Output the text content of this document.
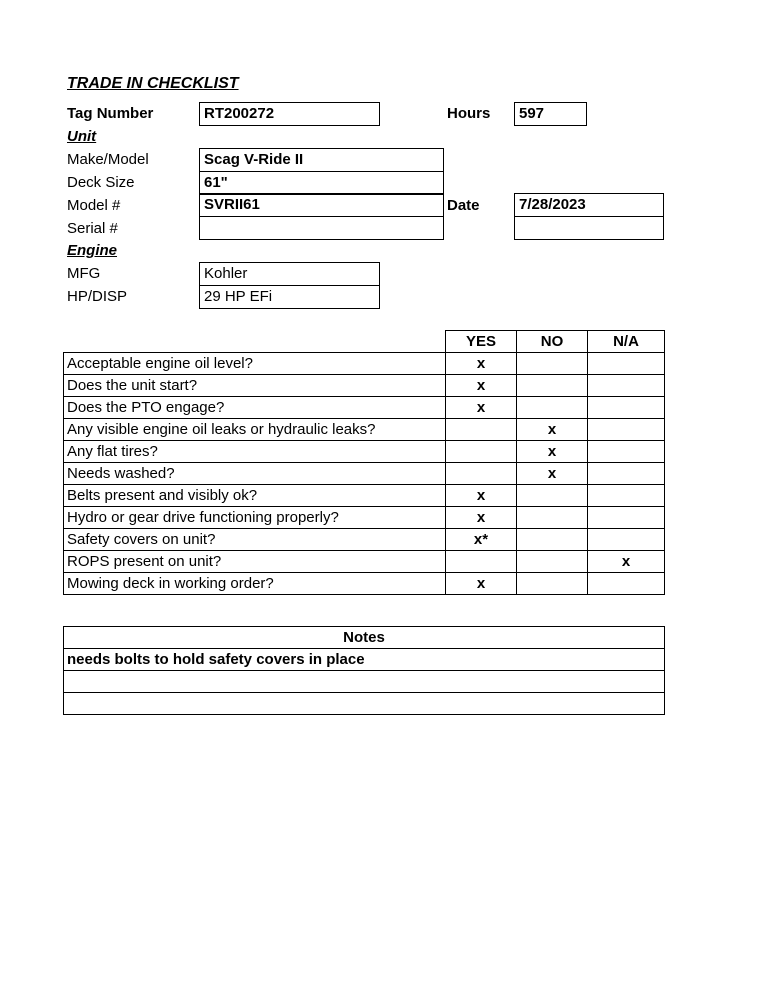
TRADE IN CHECKLIST
Tag Number	RT200272	Hours 597
Unit
Make/Model	Scag V-Ride II
Deck Size	61"
Model #	SVRII61	Date	7/28/2023
Serial #
Engine
MFG	Kohler
HP/DISP	29 HP EFi
	YES	NO	N/A
Acceptable engine oil level?	x		
Does the unit start?	x		
Does the PTO engage?	x		
Any visible engine oil leaks or hydraulic leaks?		x	
Any flat tires?		x	
Needs washed?		x	
Belts present and visibly ok?	x		
Hydro or gear drive functioning properly?	x		
Safety covers on unit?	x*		
ROPS present on unit?			x
Mowing deck in working order?	x		
Notes
needs bolts to hold safety covers in place
